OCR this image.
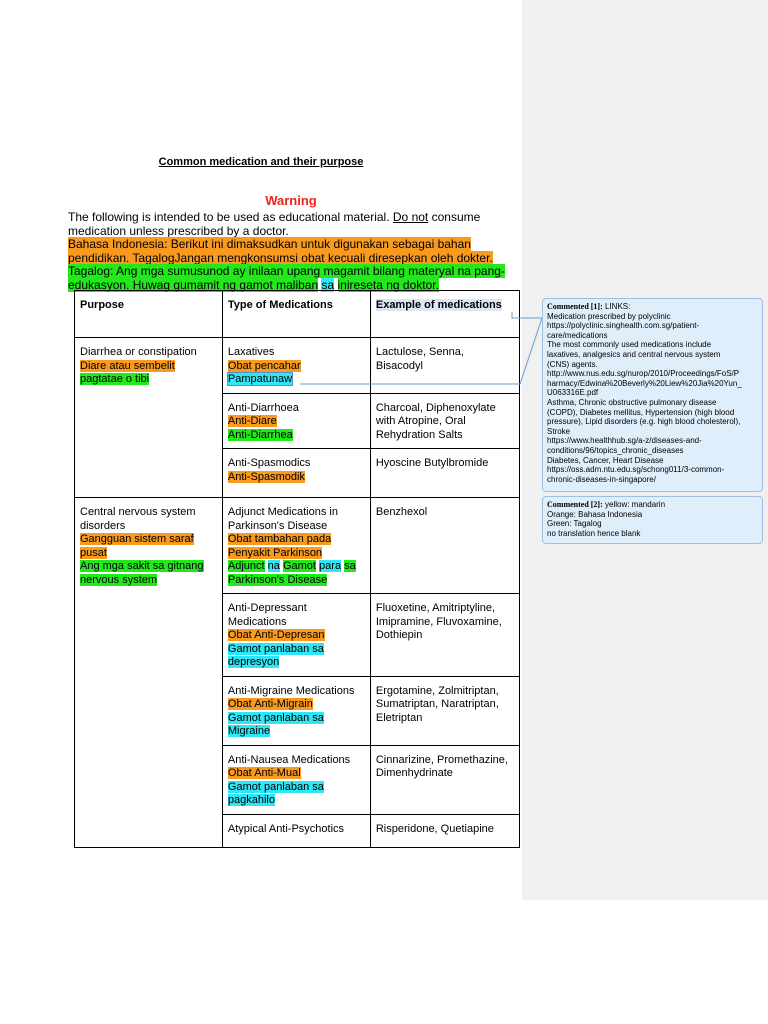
Common medication and their purpose
Warning

The following is intended to be used as educational material. Do not consume medication unless prescribed by a doctor.

Bahasa Indonesia: Berikut ini dimaksudkan untuk digunakan sebagai bahan pendidikan. TagalogJangan mengkonsumsi obat kecuali diresepkan oleh dokter.

Tagalog: Ang mga sumusunod ay inilaan upang magamit bilang materyal na pang-edukasyon. Huwag gumamit ng gamot maliban sa inireseta ng doktor.

Purpose	Type of Medications	Example of medications

Diarrhea or constipation
Diare atau sembelit
pagtatae o tibi	Laxatives
Obat pencahar
Pampatunaw	Lactulose, Senna, Bisacodyl

	Anti-Diarrhoea
Anti-Diare
Anti-Diarrhea	Charcoal, Diphenoxylate with Atropine, Oral Rehydration Salts

	Anti-Spasmodics
Anti-Spasmodik	Hyoscine Butylbromide

Central nervous system disorders
Gangguan sistem saraf pusat
Ang mga sakit sa gitnang nervous system	Adjunct Medications in Parkinson's Disease
Obat tambahan pada Penyakit Parkinson
Adjunct na Gamot para sa Parkinson's Disease	Benzhexol

	Anti-Depressant Medications
Obat Anti-Depresan
Gamot panlaban sa depresyon	Fluoxetine, Amitriptyline, Imipramine, Fluvoxamine, Dothiepin

	Anti-Migraine Medications
Obat Anti-Migrain
Gamot panlaban sa Migraine	Ergotamine, Zolmitriptan, Sumatriptan, Naratriptan, Eletriptan

	Anti-Nausea Medications
Obat Anti-Mual
Gamot panlaban sa pagkahilo	Cinnarizine, Promethazine, Dimenhydrinate

	Atypical Anti-Psychotics	Risperidone, Quetiapine
Commented [1]: LINKS:
Medication prescribed by polyclinic
https://polyclinic.singhealth.com.sg/patient-
care/medications
The most commonly used medications include
laxatives, analgesics and central nervous system
(CNS) agents.
http://www.nus.edu.sg/nurop/2010/Proceedings/FoS/P
harmacy/Edwina%20Beverly%20Liew%20Jia%20Yun_
U063316E.pdf
Asthma, Chronic obstructive pulmonary disease
(COPD), Diabetes mellitus, Hypertension (high blood
pressure), Lipid disorders (e.g. high blood cholesterol),
Stroke
https://www.healthhub.sg/a-z/diseases-and-
conditions/96/topics_chronic_diseases
Diabetes, Cancer, Heart Disease
https://oss.adm.ntu.edu.sg/schong011/3-common-
chronic-diseases-in-singapore/
Commented [2]: yellow: mandarin
Orange: Bahasa Indonesia
Green: Tagalog
no translation hence blank
